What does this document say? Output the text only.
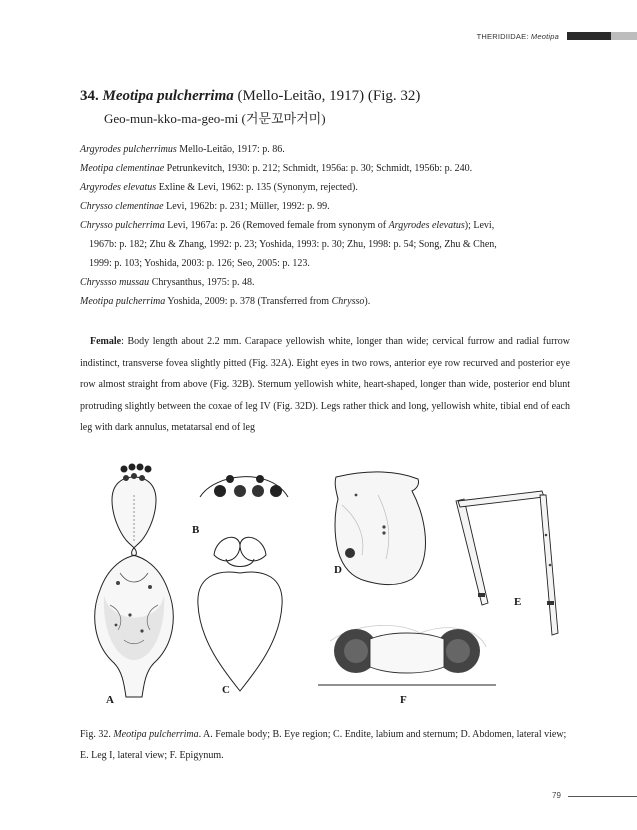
THERIDIIDAE: Meotipa
34. Meotipa pulcherrima (Mello-Leitão, 1917) (Fig. 32)
Geo-mun-kko-ma-geo-mi (거문꼬마거미)
Argyrodes pulcherrimus Mello-Leitão, 1917: p. 86.
Meotipa clementinae Petrunkevitch, 1930: p. 212; Schmidt, 1956a: p. 30; Schmidt, 1956b: p. 240.
Argyrodes elevatus Exline & Levi, 1962: p. 135 (Synonym, rejected).
Chrysso clementinae Levi, 1962b: p. 231; Müller, 1992: p. 99.
Chrysso pulcherrima Levi, 1967a: p. 26 (Removed female from synonym of Argyrodes elevatus); Levi,
1967b: p. 182; Zhu & Zhang, 1992: p. 23; Yoshida, 1993: p. 30; Zhu, 1998: p. 54; Song, Zhu & Chen,
1999: p. 103; Yoshida, 2003: p. 126; Seo, 2005: p. 123.
Chryssso mussau Chrysanthus, 1975: p. 48.
Meotipa pulcherrima Yoshida, 2009: p. 378 (Transferred from Chrysso).
Female: Body length about 2.2 mm. Carapace yellowish white, longer than wide; cervical furrow and radial furrow indistinct, transverse fovea slightly pitted (Fig. 32A). Eight eyes in two rows, anterior eye row recurved and posterior eye row almost straight from above (Fig. 32B). Sternum yellowish white, heart-shaped, longer than wide, posterior end blunt protruding slightly between the coxae of leg IV (Fig. 32D). Legs rather thick and long, yellowish white, tibial end of each leg with dark annulus, metatarsal end of leg
A
B
C
D
E
F
Fig. 32. Meotipa pulcherrima. A. Female body; B. Eye region; C. Endite, labium and sternum; D. Abdomen, lateral view; E. Leg I, lateral view; F. Epigynum.
79
